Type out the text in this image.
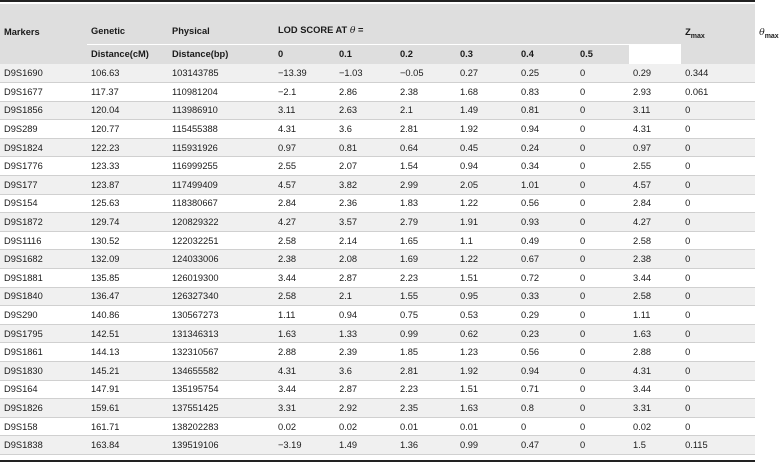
Markers	Genetic	Physical	LOD SCORE AT θ =							$Z_{max}$	$\theta_{max}$
	Distance(cM)	Distance(bp)	0	0.1	0.2	0.3	0.4	0.5			
D9S1690	106.63	103143785	−13.39	−1.03	−0.05	0.27	0.25	0	0.29	0.344	
D9S1677	117.37	110981204	−2.1	2.86	2.38	1.68	0.83	0	2.93	0.061	
D9S1856	120.04	113986910	3.11	2.63	2.1	1.49	0.81	0	3.11	0	
D9S289	120.77	115455388	4.31	3.6	2.81	1.92	0.94	0	4.31	0	
D9S1824	122.23	115931926	0.97	0.81	0.64	0.45	0.24	0	0.97	0	
D9S1776	123.33	116999255	2.55	2.07	1.54	0.94	0.34	0	2.55	0	
D9S177	123.87	117499409	4.57	3.82	2.99	2.05	1.01	0	4.57	0	
D9S154	125.63	118380667	2.84	2.36	1.83	1.22	0.56	0	2.84	0	
D9S1872	129.74	120829322	4.27	3.57	2.79	1.91	0.93	0	4.27	0	
D9S1116	130.52	122032251	2.58	2.14	1.65	1.1	0.49	0	2.58	0	
D9S1682	132.09	124033006	2.38	2.08	1.69	1.22	0.67	0	2.38	0	
D9S1881	135.85	126019300	3.44	2.87	2.23	1.51	0.72	0	3.44	0	
D9S1840	136.47	126327340	2.58	2.1	1.55	0.95	0.33	0	2.58	0	
D9S290	140.86	130567273	1.11	0.94	0.75	0.53	0.29	0	1.11	0	
D9S1795	142.51	131346313	1.63	1.33	0.99	0.62	0.23	0	1.63	0	
D9S1861	144.13	132310567	2.88	2.39	1.85	1.23	0.56	0	2.88	0	
D9S1830	145.21	134655582	4.31	3.6	2.81	1.92	0.94	0	4.31	0	
D9S164	147.91	135195754	3.44	2.87	2.23	1.51	0.71	0	3.44	0	
D9S1826	159.61	137551425	3.31	2.92	2.35	1.63	0.8	0	3.31	0	
D9S158	161.71	138202283	0.02	0.02	0.01	0.01	0	0	0.02	0	
D9S1838	163.84	139519106	−3.19	1.49	1.36	0.99	0.47	0	1.5	0.115	
